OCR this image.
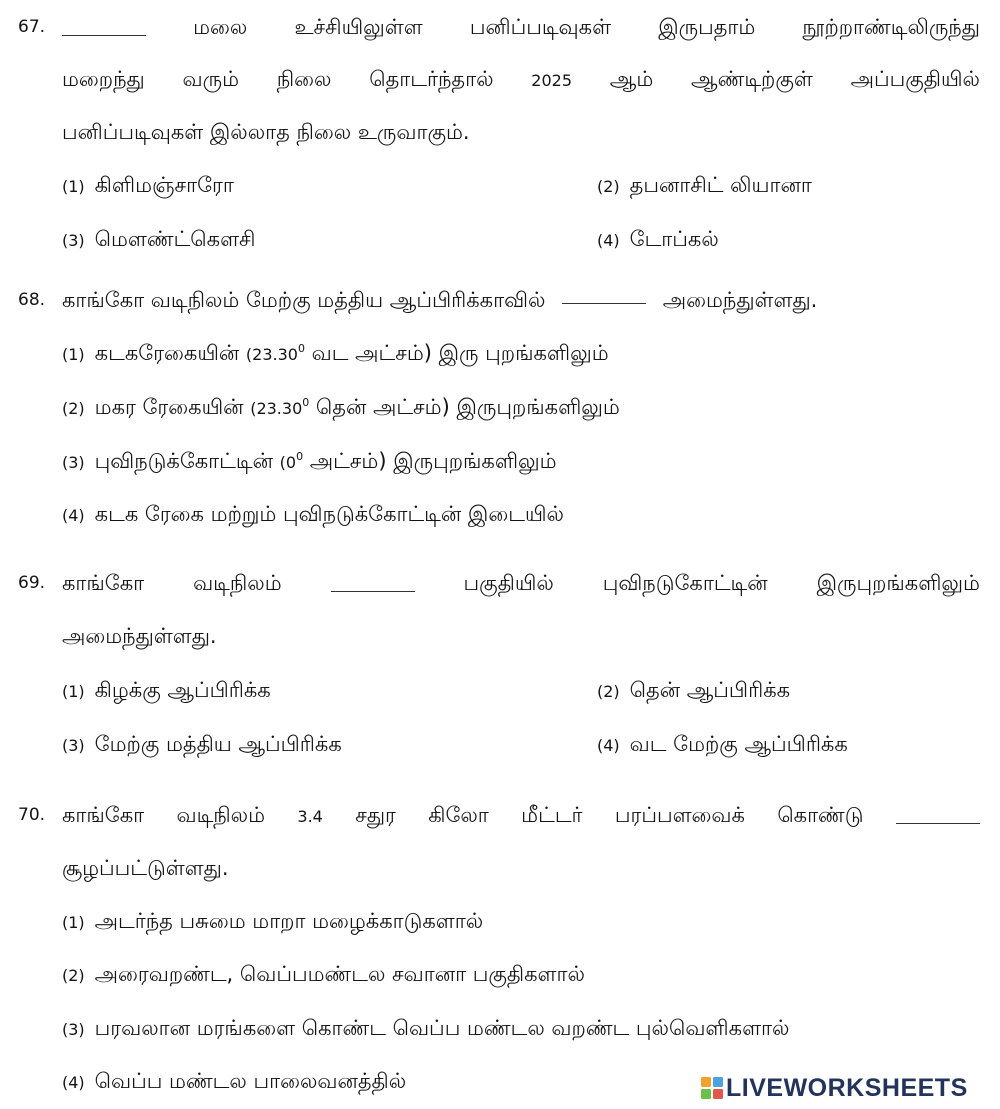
67.	மலை உச்சியிலுள்ள பனிப்படிவுகள் இருபதாம் நூற்றாண்டிலிருந்து
மறைந்து வரும் நிலை தொடர்ந்தால் 2025 ஆம் ஆண்டிற்குள் அப்பகுதியில்
பனிப்படிவுகள் இல்லாத நிலை உருவாகும்.
(1) கிளிமஞ்சாரோ	(2) தபனாசிட் லியானா
(3) மௌண்ட்கௌசி	(4) டோப்கல்
68. காங்கோ வடிநிலம் மேற்கு மத்திய ஆப்பிரிக்காவில்	அமைந்துள்ளது.
(1) கடகரேகையின் (23.30$^0$ வட அட்சம்) இரு புறங்களிலும்
(2) மகர ரேகையின் (23.30$^0$ தென் அட்சம்) இருபுறங்களிலும்
(3) புவிநடுக்கோட்டின் ($0^0$ அட்சம்) இருபுறங்களிலும்
(4) கடக ரேகை மற்றும் புவிநடுக்கோட்டின் இடையில்
69. காங்கோ வடிநிலம்	பகுதியில் புவிநடுகோட்டின் இருபுறங்களிலும்
அமைந்துள்ளது.
(1) கிழக்கு ஆப்பிரிக்க	(2) தென் ஆப்பிரிக்க
(3) மேற்கு மத்திய ஆப்பிரிக்க	(4) வட மேற்கு ஆப்பிரிக்க
70. காங்கோ வடிநிலம் 3.4 சதுர கிலோ மீட்டர் பரப்பளவைக் கொண்டு
சூழப்பட்டுள்ளது.
(1) அடர்ந்த பசுமை மாறா மழைக்காடுகளால்
(2) அரைவறண்ட, வெப்பமண்டல சவானா பகுதிகளால்
(3) பரவலான மரங்களை கொண்ட வெப்ப மண்டல வறண்ட புல்வெளிகளால்
(4) வெப்ப மண்டல பாலைவனத்தில்	LIVEWORKSHEETS
